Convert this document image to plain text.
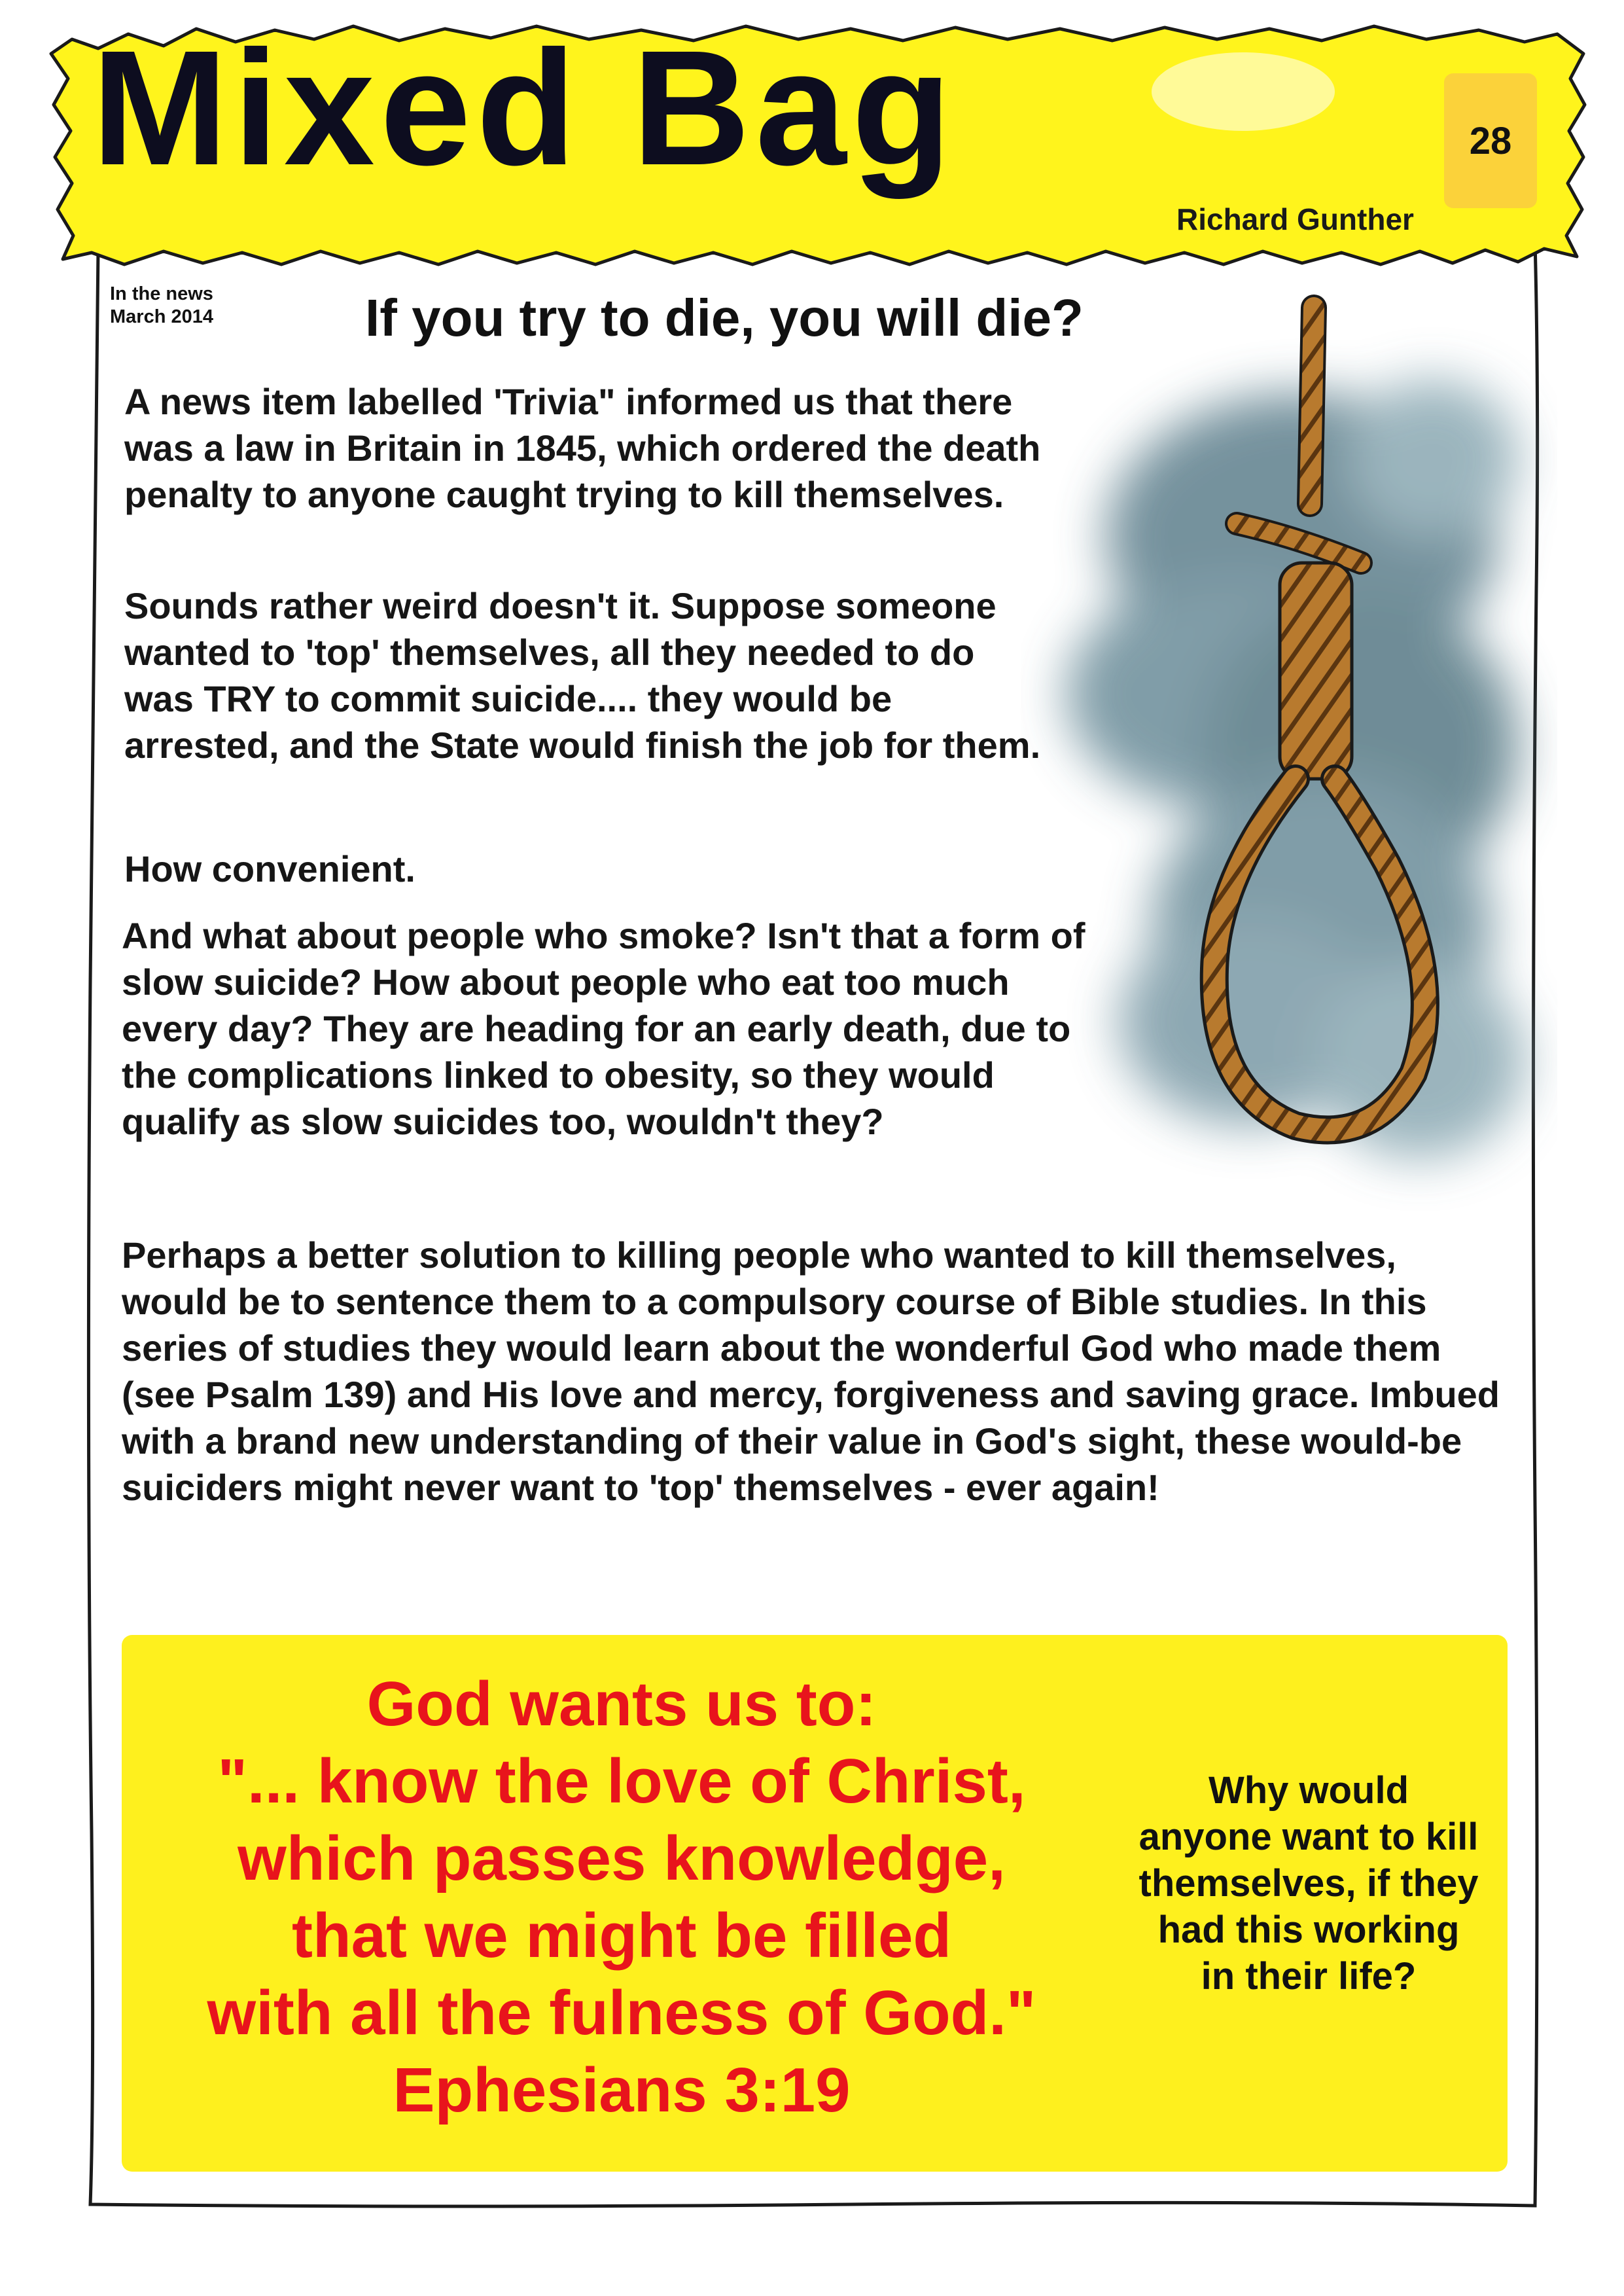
Mixed Bag	28
Richard Gunther
In the news
March 2014	If you try to die, you will die?
A news item labelled 'Trivia" informed us that there was a law in Britain in 1845, which ordered the death penalty to anyone caught trying to kill themselves.
Sounds rather weird doesn't it. Suppose someone wanted to 'top' themselves, all they needed to do was TRY to commit suicide.... they would be arrested, and the State would finish the job for them.
How convenient.
And what about people who smoke? Isn't that a form of slow suicide? How about people who eat too much every day? They are heading for an early death, due to the complications linked to obesity, so they would qualify as slow suicides too, wouldn't they?
Perhaps a better solution to killing people who wanted to kill themselves, would be to sentence them to a compulsory course of Bible studies. In this series of studies they would learn about the wonderful God who made them (see Psalm 139) and His love and mercy, forgiveness and saving grace. Imbued with a brand new understanding of their value in God's sight, these would-be suiciders might never want to 'top' themselves - ever again!
God wants us to:
"... know the love of Christ,
which passes knowledge,
that we might be filled
with all the fulness of God."
Ephesians 3:19
Why would anyone want to kill themselves, if they had this working in their life?
